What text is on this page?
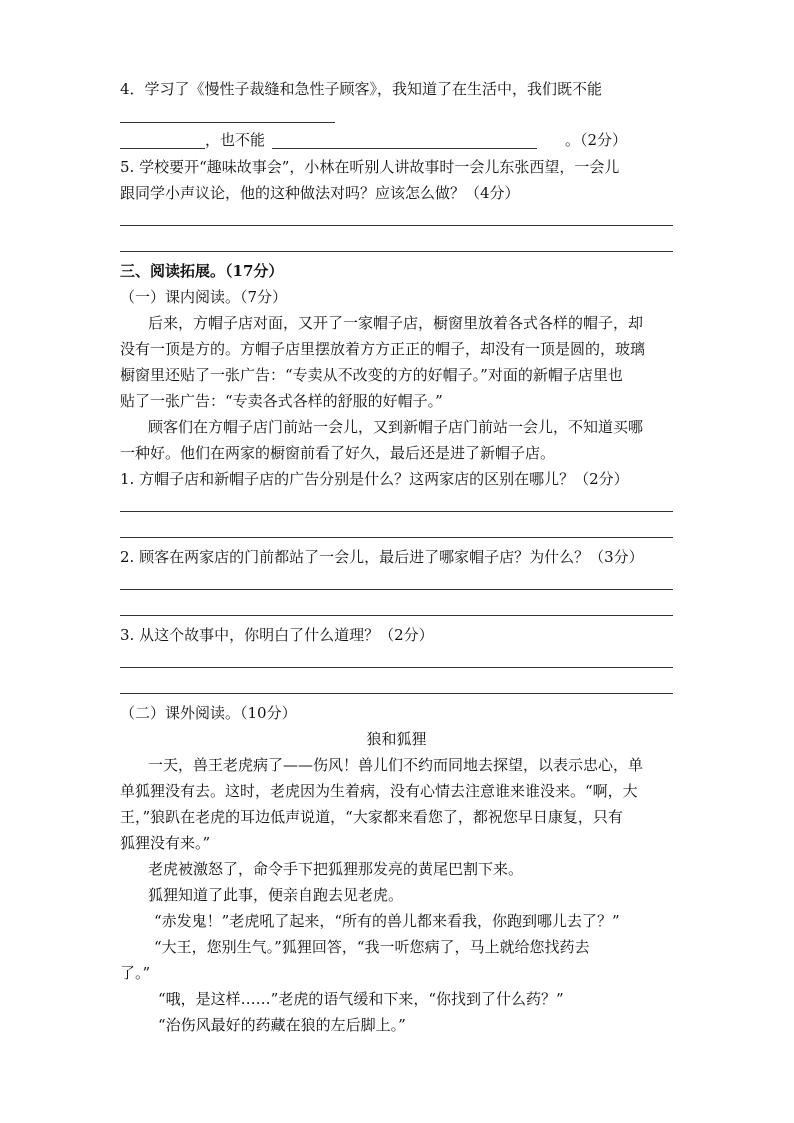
4．学习了《慢性子裁缝和急性子顾客》，我知道了在生活中，我们既不能
，也不能	。（2分）
5. 学校要开“趣味故事会”，小林在听别人讲故事时一会儿东张西望，一会儿
跟同学小声议论，他的这种做法对吗？应该怎么做？（4分）
三、阅读拓展。（17分）
（一）课内阅读。（7分）
后来，方帽子店对面，又开了一家帽子店，橱窗里放着各式各样的帽子，却
没有一顶是方的。方帽子店里摆放着方方正正的帽子，却没有一顶是圆的，玻璃
橱窗里还贴了一张广告：“专卖从不改变的方的好帽子。”对面的新帽子店里也
贴了一张广告：“专卖各式各样的舒服的好帽子。”
顾客们在方帽子店门前站一会儿，又到新帽子店门前站一会儿，不知道买哪
一种好。他们在两家的橱窗前看了好久，最后还是进了新帽子店。
1. 方帽子店和新帽子店的广告分别是什么？这两家店的区别在哪儿？（2分）
2. 顾客在两家店的门前都站了一会儿，最后进了哪家帽子店？为什么？（3分）
3. 从这个故事中，你明白了什么道理？（2分）
（二）课外阅读。（10分）
狼和狐狸
一天，兽王老虎病了——伤风！兽儿们不约而同地去探望，以表示忠心，单
单狐狸没有去。这时，老虎因为生着病，没有心情去注意谁来谁没来。“啊，大
王，”狼趴在老虎的耳边低声说道，“大家都来看您了，都祝您早日康复，只有
狐狸没有来。”
老虎被激怒了，命令手下把狐狸那发亮的黄尾巴割下来。
狐狸知道了此事，便亲自跑去见老虎。
“赤发鬼！”老虎吼了起来，“所有的兽儿都来看我，你跑到哪儿去了？”
“大王，您别生气。”狐狸回答，“我一听您病了，马上就给您找药去
了。”
“哦，是这样……”老虎的语气缓和下来，“你找到了什么药？”
“治伤风最好的药藏在狼的左后脚上。”
